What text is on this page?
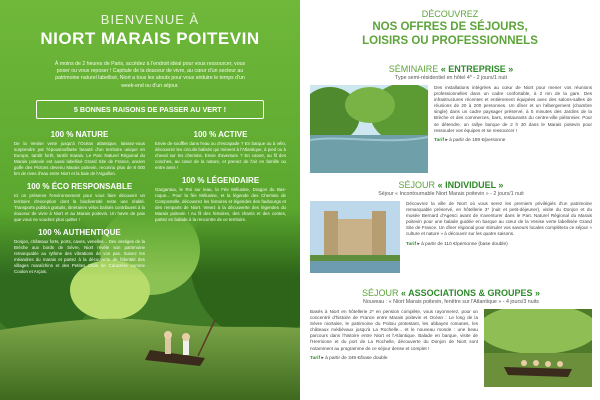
BIENVENUE À
NIORT MARAIS POITEVIN
À moins de 2 heures de Paris, accédez à l'endroit idéal pour vous ressourcer, vous poser ou vous reposer ! Capitale de la douceur de vivre, au cœur d'un secteur au patrimoine naturel labellisé, Niort a tous les atouts pour vous séduire le temps d'un week-end ou d'un séjour.
5 BONNES RAISONS DE PASSER AU VERT !
100 % NATURE
De la Venise verte jusqu'à l'Océan atlantique, laissez-vous surprendre par l'époustouflante beauté d'un territoire unique en Europe, tantôt forêt, tantôt marais. Le Parc Naturel Régional du Marais poitevin est aussi labellisé Grand Site de France, ancien golfe des Pictons devenu Marais poitevin, reconnu plus de 8 000 km de rives d'eau entre Niort et la baie de l'Aiguillon.
100 % ÉCO RESPONSABLE
Ici on préserve l'environnement pour vous faire découvrir un territoire d'exception dont la biodiversité reste une réalité. Transports publics gratuits, itinéraires vélos balisés contribuent à la douceur de vivre à Niort et au Marais poitevin. Un havre de paix que vous ne voudrez plus quitter !
100 % AUTHENTIQUE
Donjon, châteaux forts, ports, caves, venelles... Des vestiges de la Brèche aux bords de Sèvre, Niort révèle son patrimoine remarquable au rythme des vibrations de vos pas. Suivez les méandres du marais et partez à la découverte de l'identité des villages maraîchins et des Petites Cités de Caractère comme Coulon et Arçais.
100 % ACTIVE
Envie de souffler dans l'eau ou d'escapade ? En barque ou à vélo, découvrez les circuits balisés qui mènent à l'Atlantique, à pied ou à cheval sur les chemins. Envie d'aventure ? En canoë, au fil des conches, au cœur de la nature, et prenez de l'air en famille ou entre amis !
100 % LÉGENDAIRE
Gargantua, le Roi sur leau, la Fée Mélusine, Dragon du Bas-roque... Pour la fée Mélusine, et la légende des Chemins de Compostelle, découvrez les histoires et légendes des faubourgs et des remparts de Niort. Venez à la découverte des légendes du Marais poitevin ! Au fil des histoires, des chants et des contes, partez en balade à la rencontre de ce territoire.
DÉCOUVREZ
NOS OFFRES DE SÉJOURS,
LOISIRS OU PROFESSIONNELS
SÉMINAIRE « ENTREPRISE »
Type semi-résidentiel en hôtel 4* - 2 jours/1 nuit
Des installations intégrées au cœur de Niort pour mener vos réunions professionnelles dans un cadre confortable, à 2 mn de la gare. Des infrastructures récentes et entièrement équipées avec des salons-salles de réunions de 20 à 200 personnes. Un dîner et un hébergement (chambre single) dans un cadre paysager préservé, à 5 minutes des Jardins de la Brèche et des commerces, bars, restaurants du centre-ville piétonnier. Pour se détendre, un rallye barque de 2 h 30 dans le Marais poitevin pour ressouder vos équipes et se ressourcer !
Tarif ▸ à partir de 189 €/personne
SÉJOUR « INDIVIDUEL »
Séjour « Incontournable Niort Marais poitevin » - 2 jours/1 nuit
Découvrez la ville de Niort où vous serez les premiers privilégiés d'un patrimoine remarquable préservé, en hôtellerie 3* (nuit et petit-déjeuner), visite du Donjon et du musée Bernard d'Agesci avant de s'aventurer dans le Parc Naturel Régional du Marais poitevin pour une balade guidée en barque au cœur de la Venise verte labellisée Grand Site de France. Un dîner régional pour stimuler vos saveurs locales complétera ce séjour « culture et nature » à découvrir sur les quatre saisons.
Tarif ▸ à partir de 110 €/personne (base double)
SÉJOUR « ASSOCIATIONS & GROUPES »
Nouveau : « Niort Marais poitevin, fenêtre sur l'Atlantique » - 4 jours/3 nuits
Basés à Niort en hôtellerie 2* en pension complète, vous rayonnerez, pour un concentré d'histoire de France entre Marais poitevin et Océan : Le long de la Sèvre niortaise, le patrimoine du Poitou protestant, les abbayes romanes, les châteaux médiévaux jusqu'à La Rochelle... et le nouveau monde : une beau parcours dans l'histoire entre Niort et l'Atlantique. Balade en barque, visite de l'Hermione et du port de La Rochelle, découverte du Donjon de Niort sont notamment au programme de ce séjour dense et complet !
Tarif ▸ à partir de 349 €/base double
